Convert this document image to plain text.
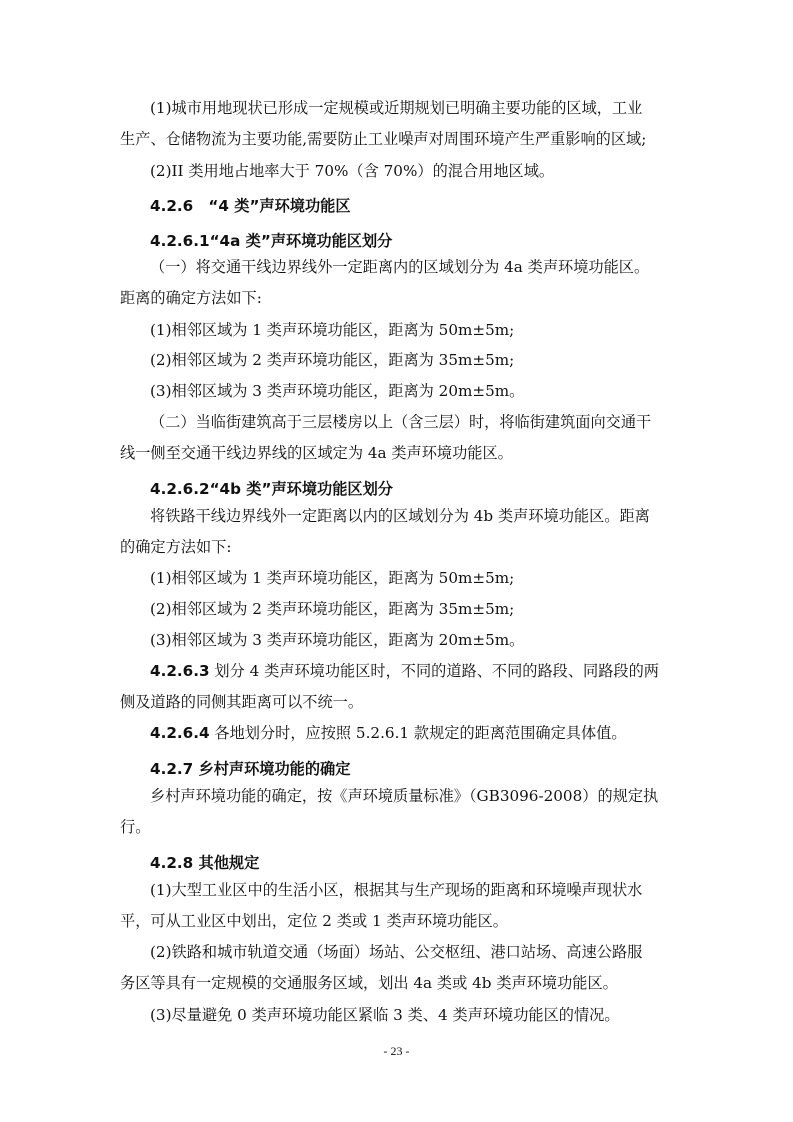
(1)城市用地现状已形成一定规模或近期规划已明确主要功能的区域，工业
生产、仓储物流为主要功能,需要防止工业噪声对周围环境产生严重影响的区域;
(2)II 类用地占地率大于 70%（含 70%）的混合用地区域。
4.2.6　“4 类”声环境功能区
4.2.6.1“4a 类”声环境功能区划分
（一）将交通干线边界线外一定距离内的区域划分为 4a 类声环境功能区。
距离的确定方法如下:
(1)相邻区域为 1 类声环境功能区，距离为 50m±5m;
(2)相邻区域为 2 类声环境功能区，距离为 35m±5m;
(3)相邻区域为 3 类声环境功能区，距离为 20m±5m。
（二）当临街建筑高于三层楼房以上（含三层）时，将临街建筑面向交通干
线一侧至交通干线边界线的区域定为 4a 类声环境功能区。
4.2.6.2“4b 类”声环境功能区划分
将铁路干线边界线外一定距离以内的区域划分为 4b 类声环境功能区。距离
的确定方法如下:
(1)相邻区域为 1 类声环境功能区，距离为 50m±5m;
(2)相邻区域为 2 类声环境功能区，距离为 35m±5m;
(3)相邻区域为 3 类声环境功能区，距离为 20m±5m。
4.2.6.3 划分 4 类声环境功能区时，不同的道路、不同的路段、同路段的两
侧及道路的同侧其距离可以不统一。
4.2.6.4 各地划分时，应按照 5.2.6.1 款规定的距离范围确定具体值。
4.2.7 乡村声环境功能的确定
乡村声环境功能的确定，按《声环境质量标准》（GB3096-2008）的规定执
行。
4.2.8 其他规定
(1)大型工业区中的生活小区，根据其与生产现场的距离和环境噪声现状水
平，可从工业区中划出，定位 2 类或 1 类声环境功能区。
(2)铁路和城市轨道交通（场面）场站、公交枢纽、港口站场、高速公路服
务区等具有一定规模的交通服务区域，划出 4a 类或 4b 类声环境功能区。
(3)尽量避免 0 类声环境功能区紧临 3 类、4 类声环境功能区的情况。
- 23 -
